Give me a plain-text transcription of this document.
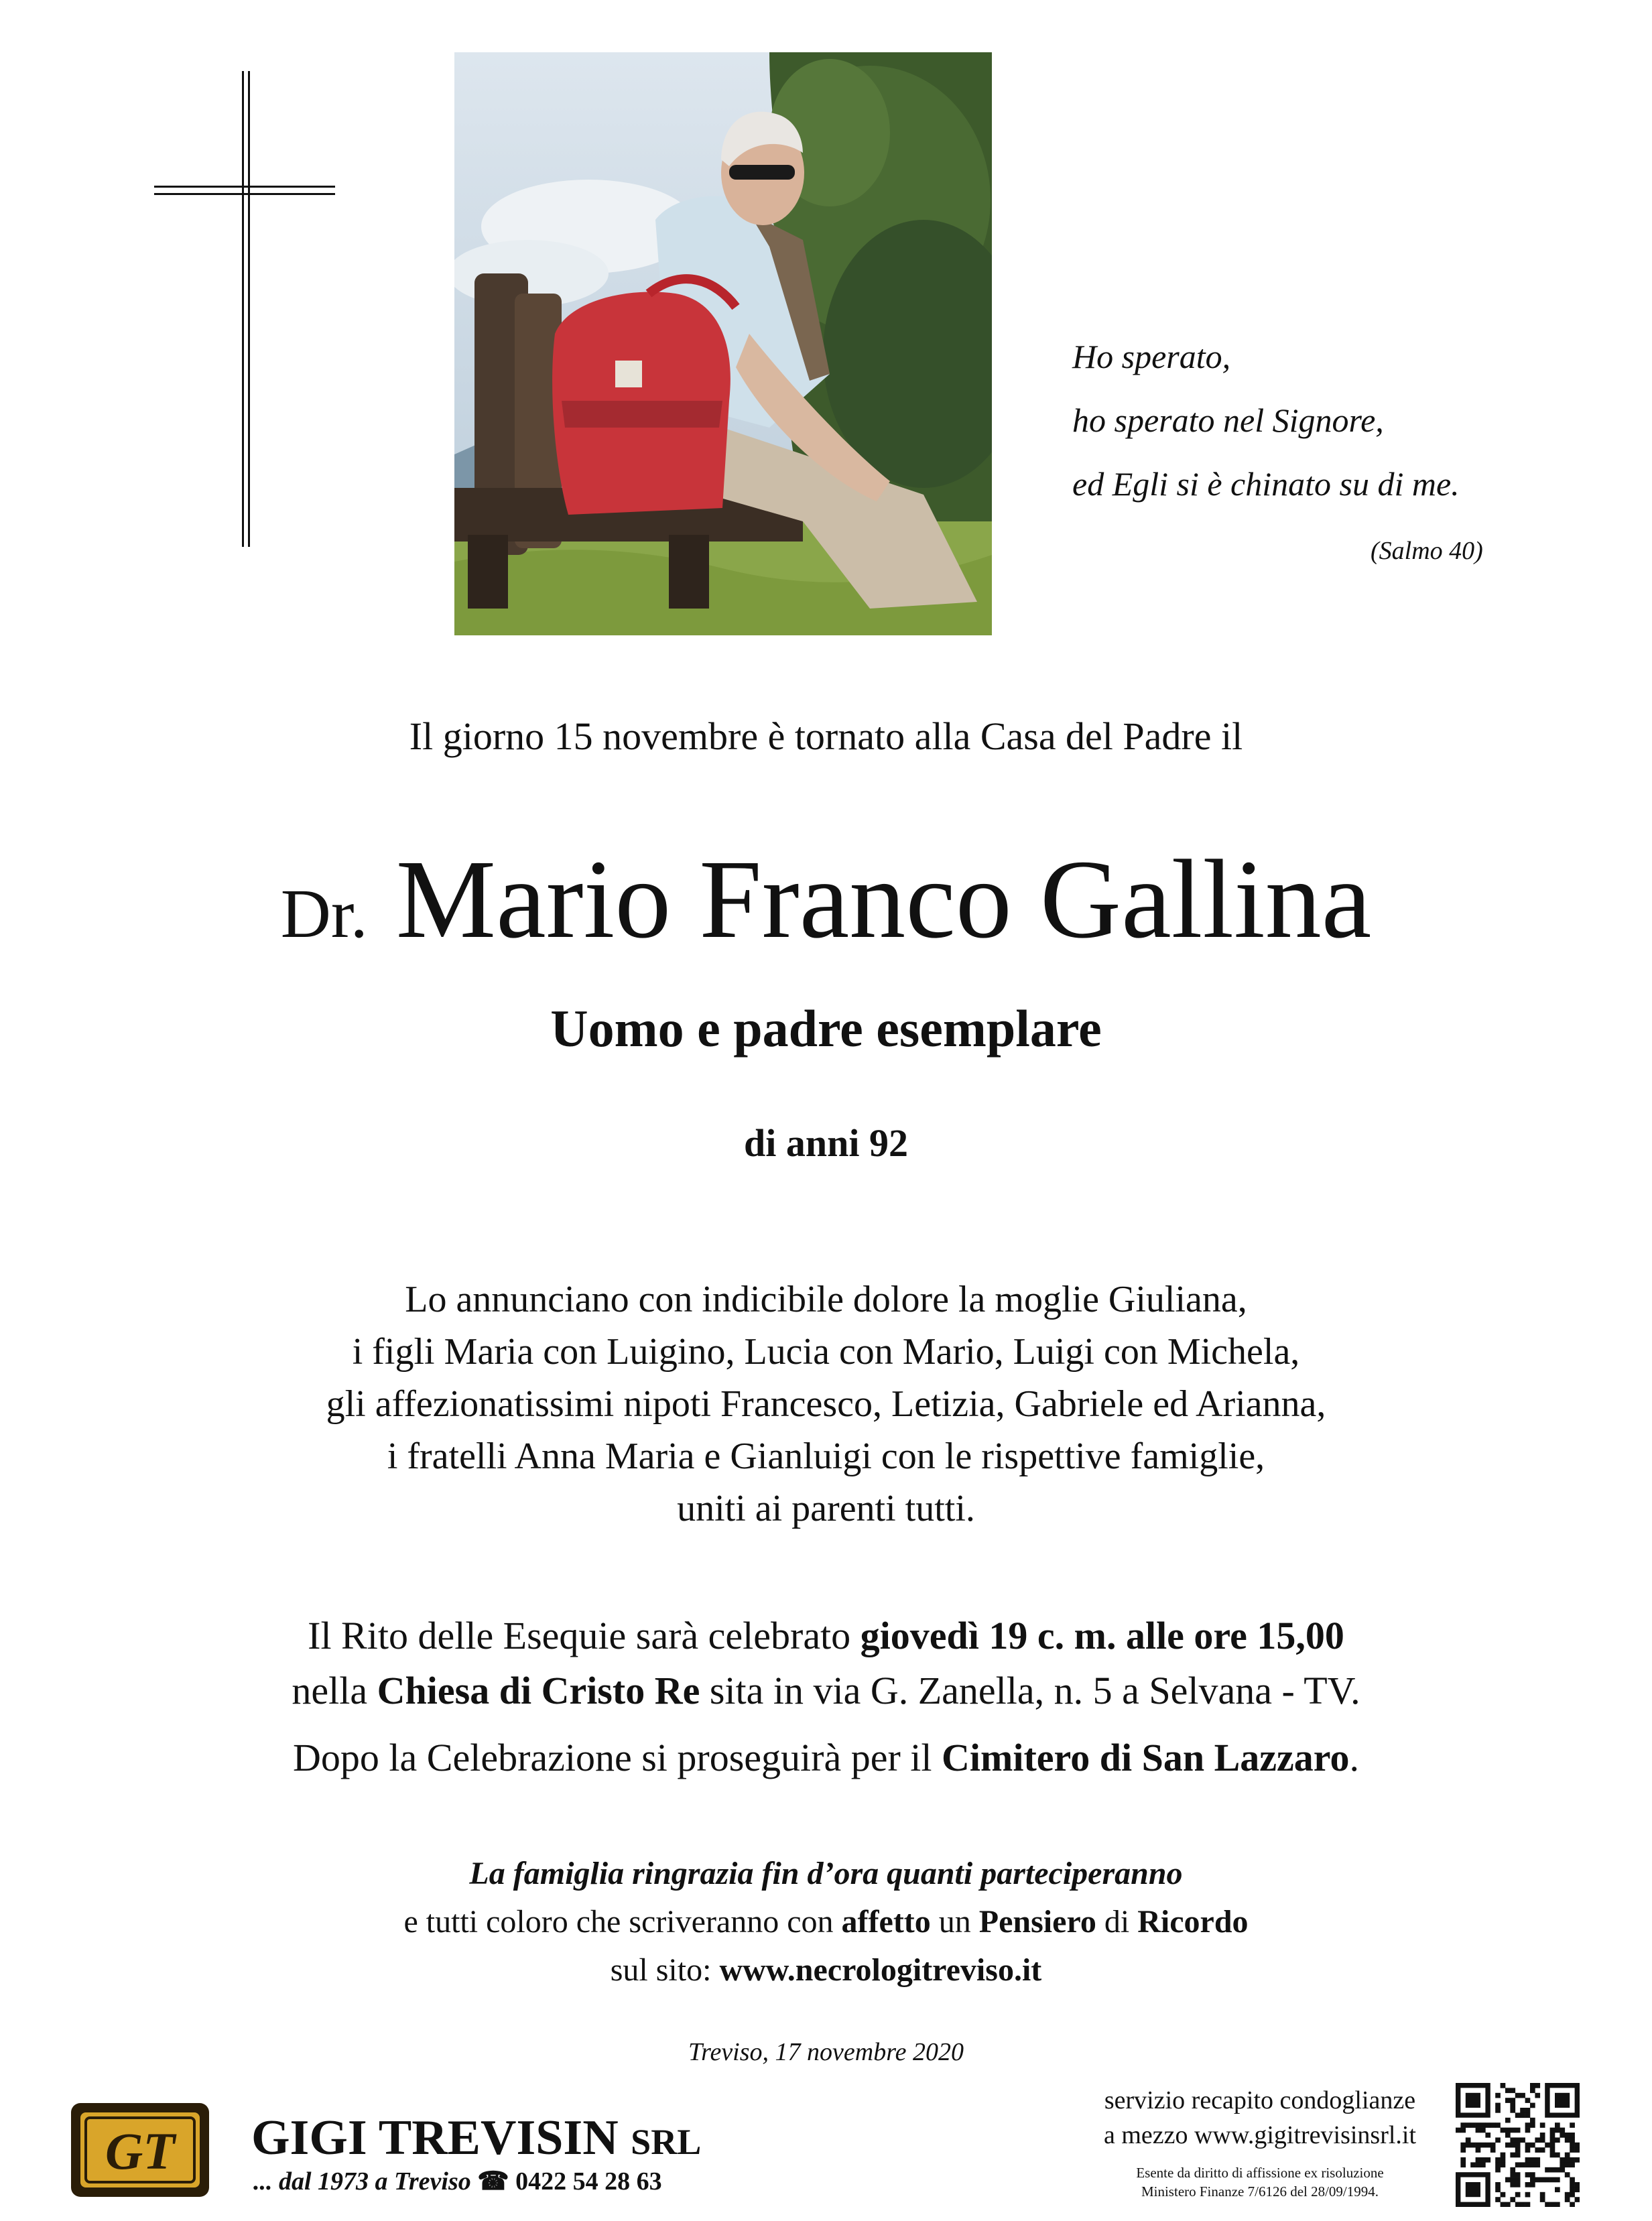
Ho sperato,
ho sperato nel Signore,
ed Egli si è chinato su di me.
(Salmo 40)
Il giorno 15 novembre è tornato alla Casa del Padre il
Dr. Mario Franco Gallina
Uomo e padre esemplare
di anni 92
Lo annunciano con indicibile dolore la moglie Giuliana,
i figli Maria con Luigino, Lucia con Mario, Luigi con Michela,
gli affezionatissimi nipoti Francesco, Letizia, Gabriele ed Arianna,
i fratelli Anna Maria e Gianluigi con le rispettive famiglie,
uniti ai parenti tutti.
Il Rito delle Esequie sarà celebrato giovedì 19 c. m. alle ore 15,00
nella Chiesa di Cristo Re sita in via G. Zanella, n. 5 a Selvana - TV.
Dopo la Celebrazione si proseguirà per il Cimitero di San Lazzaro.
La famiglia ringrazia fin d’ora quanti parteciperanno
e tutti coloro che scriveranno con affetto un Pensiero di Ricordo
sul sito: www.necrologitreviso.it
Treviso, 17 novembre 2020
GT GIGI TREVISIN SRL
... dal 1973 a Treviso ☎ 0422 54 28 63
servizio recapito condoglianze
a mezzo www.gigitrevisinsrl.it
Esente da diritto di affissione ex risoluzione
Ministero Finanze 7/6126 del 28/09/1994.
